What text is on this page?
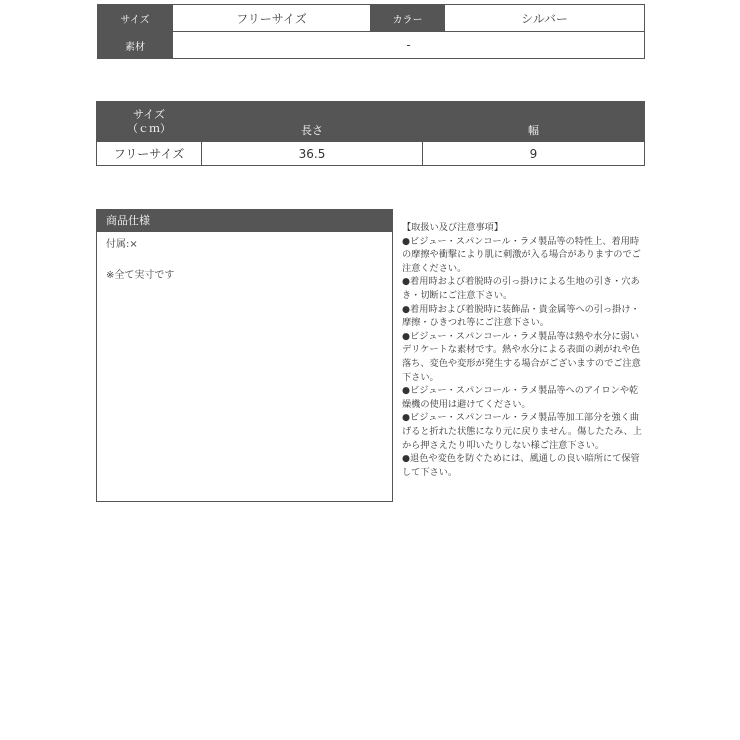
サイズ	フリーサイズ	カラー	シルバー
素材	-		
サイズ
（ｃｍ）	長さ	幅
フリーサイズ	36.5	9
商品仕様

付属:×

※全て実寸です

【取扱い及び注意事項】
●ビジュー・スパンコール・ラメ製品等の特性上、着用時の摩擦や衝撃により肌に刺激が入る場合がありますのでご注意ください。
●着用時および着脱時の引っ掛けによる生地の引き・穴あき・切断にご注意下さい。
●着用時および着脱時に装飾品・貴金属等への引っ掛け・摩擦・ひきつれ等にご注意下さい。
●ビジュー・スパンコール・ラメ製品等は熱や水分に弱いデリケートな素材です。熱や水分による表面の剥がれや色落ち、変色や変形が発生する場合がございますのでご注意下さい。
●ビジュー・スパンコール・ラメ製品等へのアイロンや乾燥機の使用は避けてください。
●ビジュー・スパンコール・ラメ製品等加工部分を強く曲げると折れた状態になり元に戻りません。傷したたみ、上から押さえたり叩いたりしない様ご注意下さい。
●退色や変色を防ぐためには、風通しの良い暗所にて保管して下さい。
